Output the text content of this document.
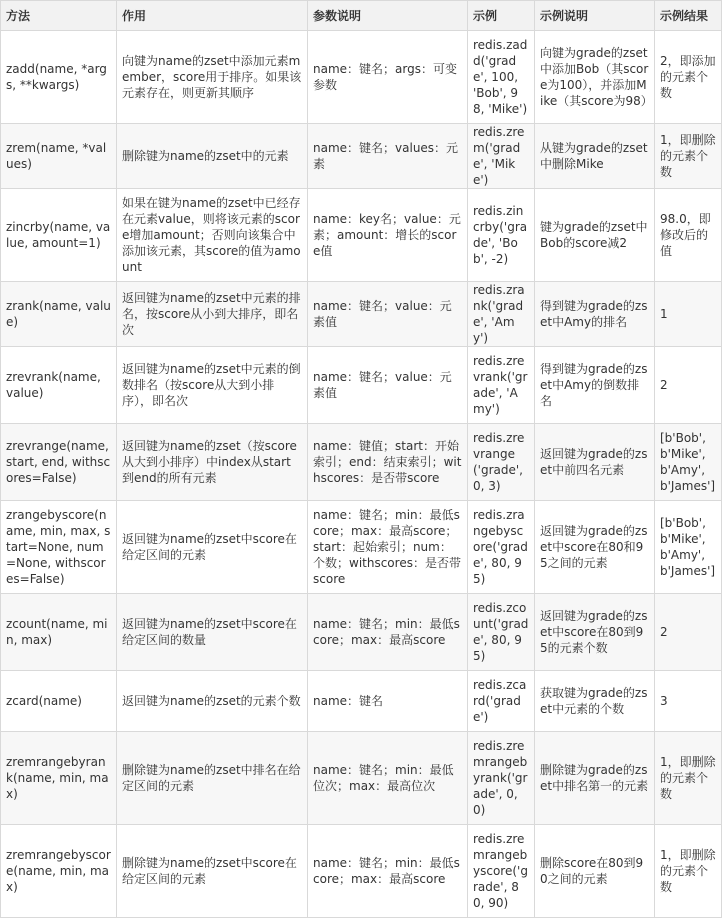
方法	作用	参数说明	示例	示例说明	示例结果
zadd(name, *args, **kwargs)	向键为name的zset中添加元素member，score用于排序。如果该元素存在，则更新其顺序	name：键名；args：可变参数	redis.zadd('grade', 100, 'Bob', 98, 'Mike')	向键为grade的zset中添加Bob（其score为100），并添加Mike（其score为98）	2，即添加的元素个数
zrem(name, *values)	删除键为name的zset中的元素	name：键名；values：元素	redis.zrem('grade', 'Mike')	从键为grade的zset中删除Mike	1，即删除的元素个数
zincrby(name, value, amount=1)	如果在键为name的zset中已经存在元素value，则将该元素的score增加amount；否则向该集合中添加该元素，其score的值为amount	name：key名；value：元素；amount：增长的score值	redis.zincrby('grade', 'Bob', -2)	键为grade的zset中Bob的score减2	98.0，即修改后的值
zrank(name, value)	返回键为name的zset中元素的排名，按score从小到大排序，即名次	name：键名；value：元素值	redis.zrank('grade', 'Amy')	得到键为grade的zset中Amy的排名	1
zrevrank(name, value)	返回键为name的zset中元素的倒数排名（按score从大到小排序），即名次	name：键名；value：元素值	redis.zrevrank('grade', 'Amy')	得到键为grade的zset中Amy的倒数排名	2
zrevrange(name, start, end, withscores=False)	返回键为name的zset（按score从大到小排序）中index从start到end的所有元素	name：键值；start：开始索引；end：结束索引；withscores：是否带score	redis.zrevrange('grade', 0, 3)	返回键为grade的zset中前四名元素	[b'Bob', b'Mike', b'Amy', b'James']
zrangebyscore(name, min, max, start=None, num=None, withscores=False)	返回键为name的zset中score在给定区间的元素	name：键名；min：最低score；max：最高score； start：起始索引；num：个数；withscores：是否带score	redis.zrangebyscore('grade', 80, 95)	返回键为grade的zset中score在80和95之间的元素	[b'Bob', b'Mike', b'Amy', b'James']
zcount(name, min, max)	返回键为name的zset中score在给定区间的数量	name：键名；min：最低score；max：最高score	redis.zcount('grade', 80, 95)	返回键为grade的zset中score在80到95的元素个数	2
zcard(name)	返回键为name的zset的元素个数	name：键名	redis.zcard('grade')	获取键为grade的zset中元素的个数	3
zremrangebyrank(name, min, max)	删除键为name的zset中排名在给定区间的元素	name：键名；min：最低位次；max：最高位次	redis.zremrangebyrank('grade', 0, 0)	删除键为grade的zset中排名第一的元素	1，即删除的元素个数
zremrangebyscore(name, min, max)	删除键为name的zset中score在给定区间的元素	name：键名；min：最低score；max：最高score	redis.zremrangebyscore('grade', 80, 90)	删除score在80到90之间的元素	1，即删除的元素个数
